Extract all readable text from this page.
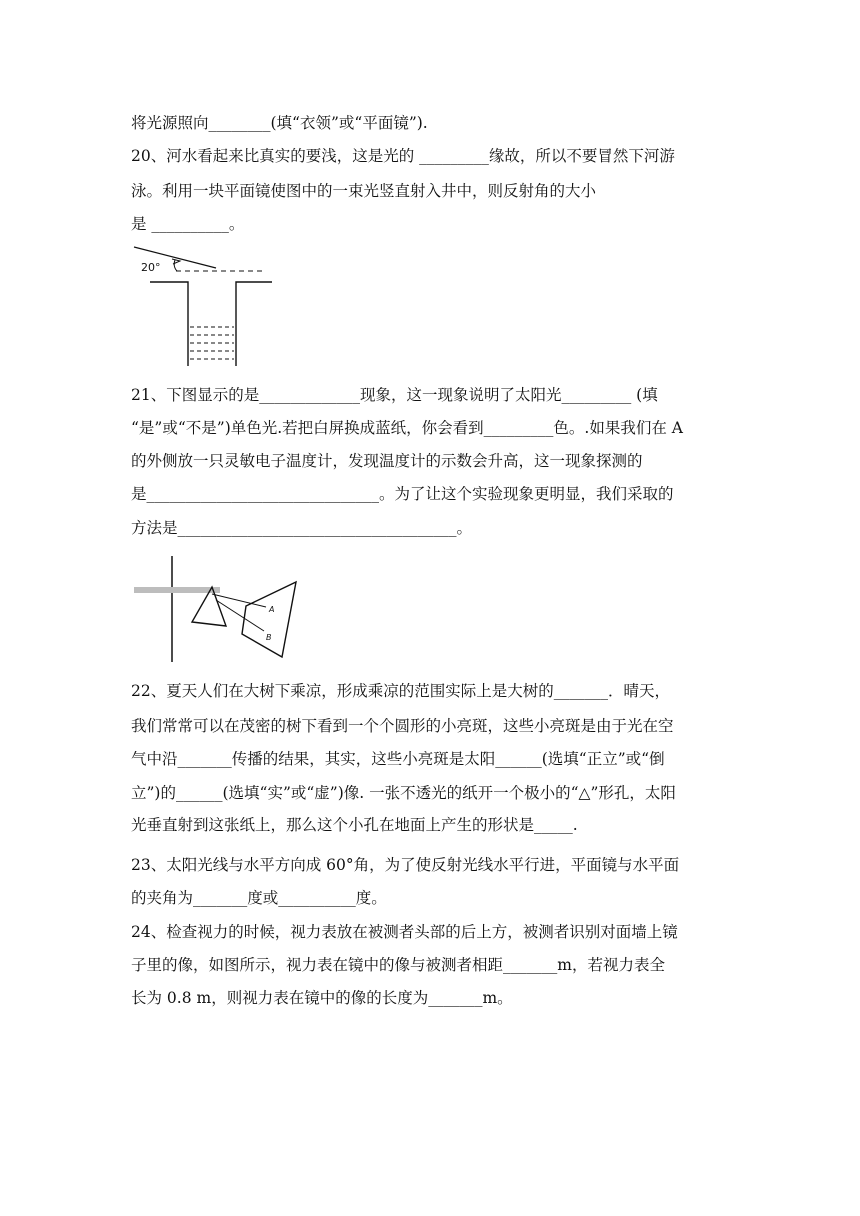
将光源照向________(填“衣领”或“平面镜”).
20、河水看起来比真实的要浅，这是光的 _________缘故，所以不要冒然下河游
泳。利用一块平面镜使图中的一束光竖直射入井中，则反射角的大小
是 __________。
20°
21、下图显示的是_____________现象，这一现象说明了太阳光_________ (填
“是”或“不是”)单色光.若把白屏换成蓝纸，你会看到_________色。.如果我们在 A
的外侧放一只灵敏电子温度计，发现温度计的示数会升高，这一现象探测的
是______________________________。为了让这个实验现象更明显，我们采取的
方法是____________________________________。
A
B
22、夏天人们在大树下乘凉，形成乘凉的范围实际上是大树的_______．晴天，
我们常常可以在茂密的树下看到一个个圆形的小亮斑，这些小亮斑是由于光在空
气中沿_______传播的结果，其实，这些小亮斑是太阳______(选填“正立”或“倒
立”)的______(选填“实”或“虚”)像. 一张不透光的纸开一个极小的“△”形孔，太阳
光垂直射到这张纸上，那么这个小孔在地面上产生的形状是_____.
23、太阳光线与水平方向成 60°角，为了使反射光线水平行进，平面镜与水平面
的夹角为_______度或__________度。
24、检查视力的时候，视力表放在被测者头部的后上方，被测者识别对面墙上镜
子里的像，如图所示，视力表在镜中的像与被测者相距_______m，若视力表全
长为 0.8 m，则视力表在镜中的像的长度为_______m。
